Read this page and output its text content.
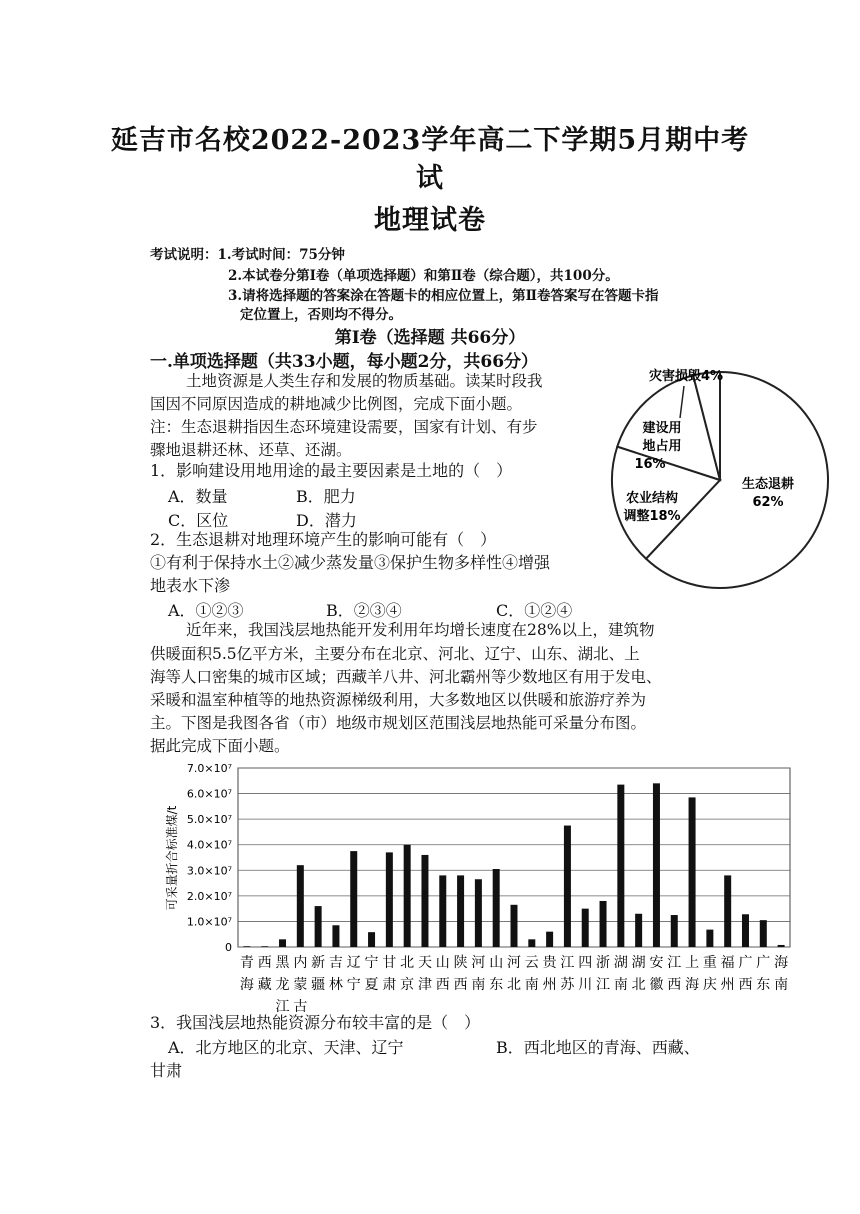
延吉市名校2022-2023学年高二下学期5月期中考
试
地理试卷
考试说明：1.考试时间：75分钟
2.本试卷分第Ⅰ卷（单项选择题）和第Ⅱ卷（综合题），共100分。
3.请将选择题的答案涂在答题卡的相应位置上，第Ⅱ卷答案写在答题卡指
定位置上，否则均不得分。
第Ⅰ卷（选择题 共66分）
一.单项选择题（共33小题，每小题2分，共66分）
土地资源是人类生存和发展的物质基础。读某时段我
国因不同原因造成的耕地减少比例图，完成下面小题。
注：生态退耕指因生态环境建设需要，国家有计划、有步
骤地退耕还林、还草、还湖。
1．影响建设用地用途的最主要因素是土地的（　）
A．数量	B．肥力
C．区位	D．潜力
2．生态退耕对地理环境产生的影响可能有（　）
①有利于保持水土②减少蒸发量③保护生物多样性④增强
地表水下渗
A．①②③	B．②③④	C．①②④
生态退耕
62%
农业结构
调整18%
建设用
地占用
16%
灾害损毁4%
近年来，我国浅层地热能开发利用年均增长速度在28%以上，建筑物
供暖面积5.5亿平方米，主要分布在北京、河北、辽宁、山东、湖北、上
海等人口密集的城市区域；西藏羊八井、河北霸州等少数地区有用于发电、
采暖和温室种植等的地热资源梯级利用，大多数地区以供暖和旅游疗养为
主。下图是我图各省（市）地级市规划区范围浅层地热能可采量分布图。
据此完成下面小题。
0
1.0×10⁷
2.0×10⁷
3.0×10⁷
4.0×10⁷
5.0×10⁷
6.0×10⁷
7.0×10⁷
青
海
西
藏
黑
龙
江
内
蒙
古
新
疆
吉
林
辽
宁
宁
夏
甘
肃
北
京
天
津
山
西
陕
西
河
南
山
东
河
北
云
南
贵
州
江
苏
四
川
浙
江
湖
南
湖
北
安
徽
江
西
上
海
重
庆
福
州
广
西
广
东
海
南
可采量折合标准煤/t
3．我国浅层地热能资源分布较丰富的是（　）
A．北方地区的北京、天津、辽宁	B．西北地区的青海、西藏、
甘肃
